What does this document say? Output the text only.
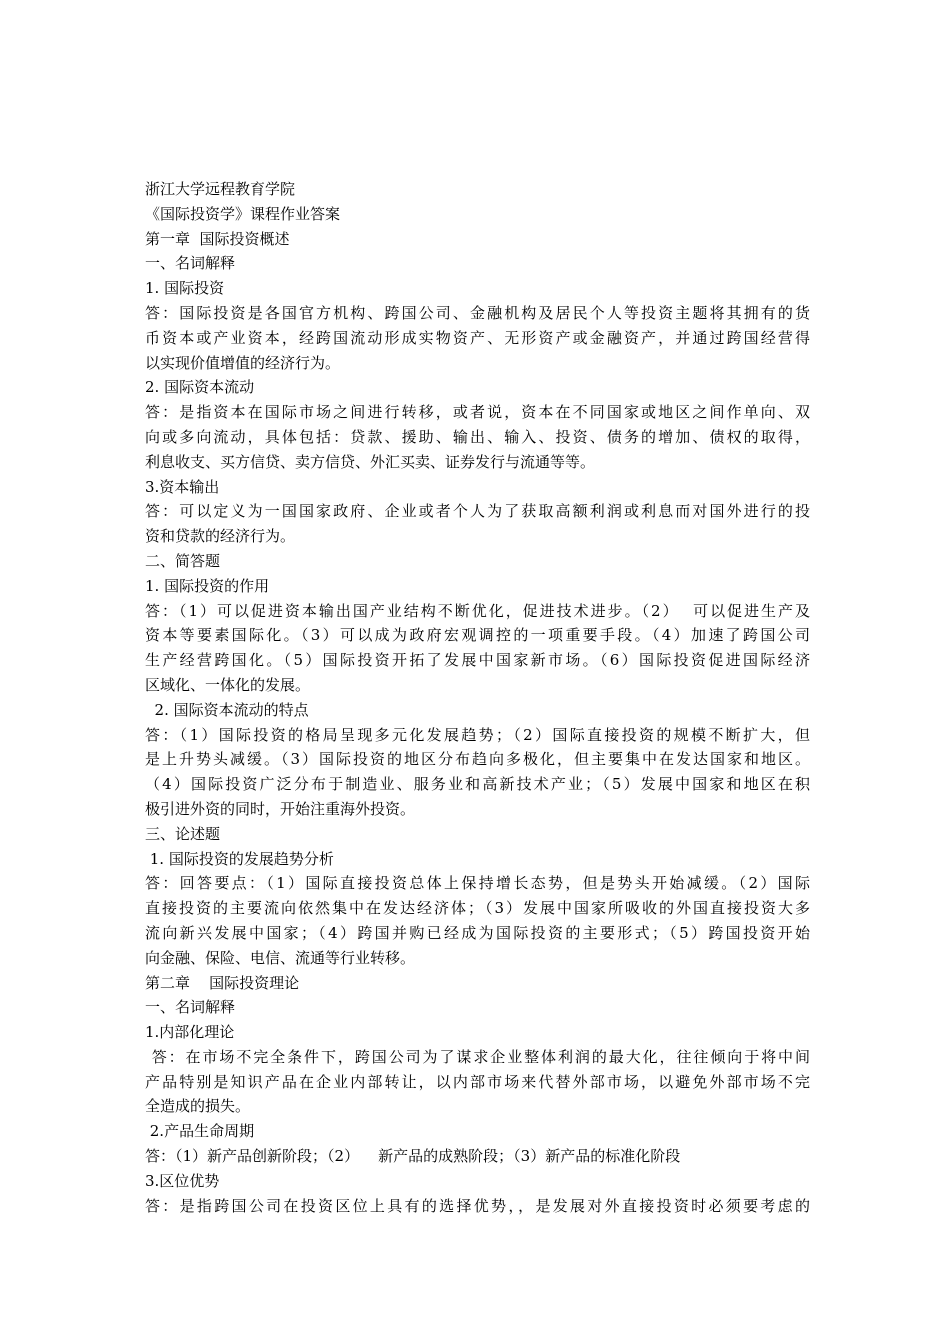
浙江大学远程教育学院
《国际投资学》课程作业答案
第一章  国际投资概述
一、名词解释
1. 国际投资
答：国际投资是各国官方机构、跨国公司、金融机构及居民个人等投资主题将其拥有的货
币资本或产业资本，经跨国流动形成实物资产、无形资产或金融资产，并通过跨国经营得
以实现价值增值的经济行为。
2. 国际资本流动
答：是指资本在国际市场之间进行转移，或者说，资本在不同国家或地区之间作单向、双
向或多向流动，具体包括：贷款、援助、输出、输入、投资、债务的增加、债权的取得，
利息收支、买方信贷、卖方信贷、外汇买卖、证券发行与流通等等。
3.资本输出
答：可以定义为一国国家政府、企业或者个人为了获取高额利润或利息而对国外进行的投
资和贷款的经济行为。
二、简答题
1. 国际投资的作用
答：（1）可以促进资本输出国产业结构不断优化，促进技术进步。（2）  可以促进生产及
资本等要素国际化。（3）可以成为政府宏观调控的一项重要手段。（4）加速了跨国公司
生产经营跨国化。（5）国际投资开拓了发展中国家新市场。（6）国际投资促进国际经济
区域化、一体化的发展。
2. 国际资本流动的特点
答：（1）国际投资的格局呈现多元化发展趋势；（2）国际直接投资的规模不断扩大，但
是上升势头减缓。（3）国际投资的地区分布趋向多极化，但主要集中在发达国家和地区。
（4）国际投资广泛分布于制造业、服务业和高新技术产业；（5）发展中国家和地区在积
极引进外资的同时，开始注重海外投资。
三、论述题
1. 国际投资的发展趋势分析
答：回答要点：（1）国际直接投资总体上保持增长态势，但是势头开始减缓。（2）国际
直接投资的主要流向依然集中在发达经济体；（3）发展中国家所吸收的外国直接投资大多
流向新兴发展中国家；（4）跨国并购已经成为国际投资的主要形式；（5）跨国投资开始
向金融、保险、电信、流通等行业转移。
第二章    国际投资理论
一、名词解释
1.内部化理论
答：在市场不完全条件下，跨国公司为了谋求企业整体利润的最大化，往往倾向于将中间
产品特别是知识产品在企业内部转让，以内部市场来代替外部市场，以避免外部市场不完
全造成的损失。
2.产品生命周期
答：（1）新产品创新阶段；（2）    新产品的成熟阶段；（3）新产品的标准化阶段
3.区位优势
答：是指跨国公司在投资区位上具有的选择优势，，是发展对外直接投资时必须要考虑的
